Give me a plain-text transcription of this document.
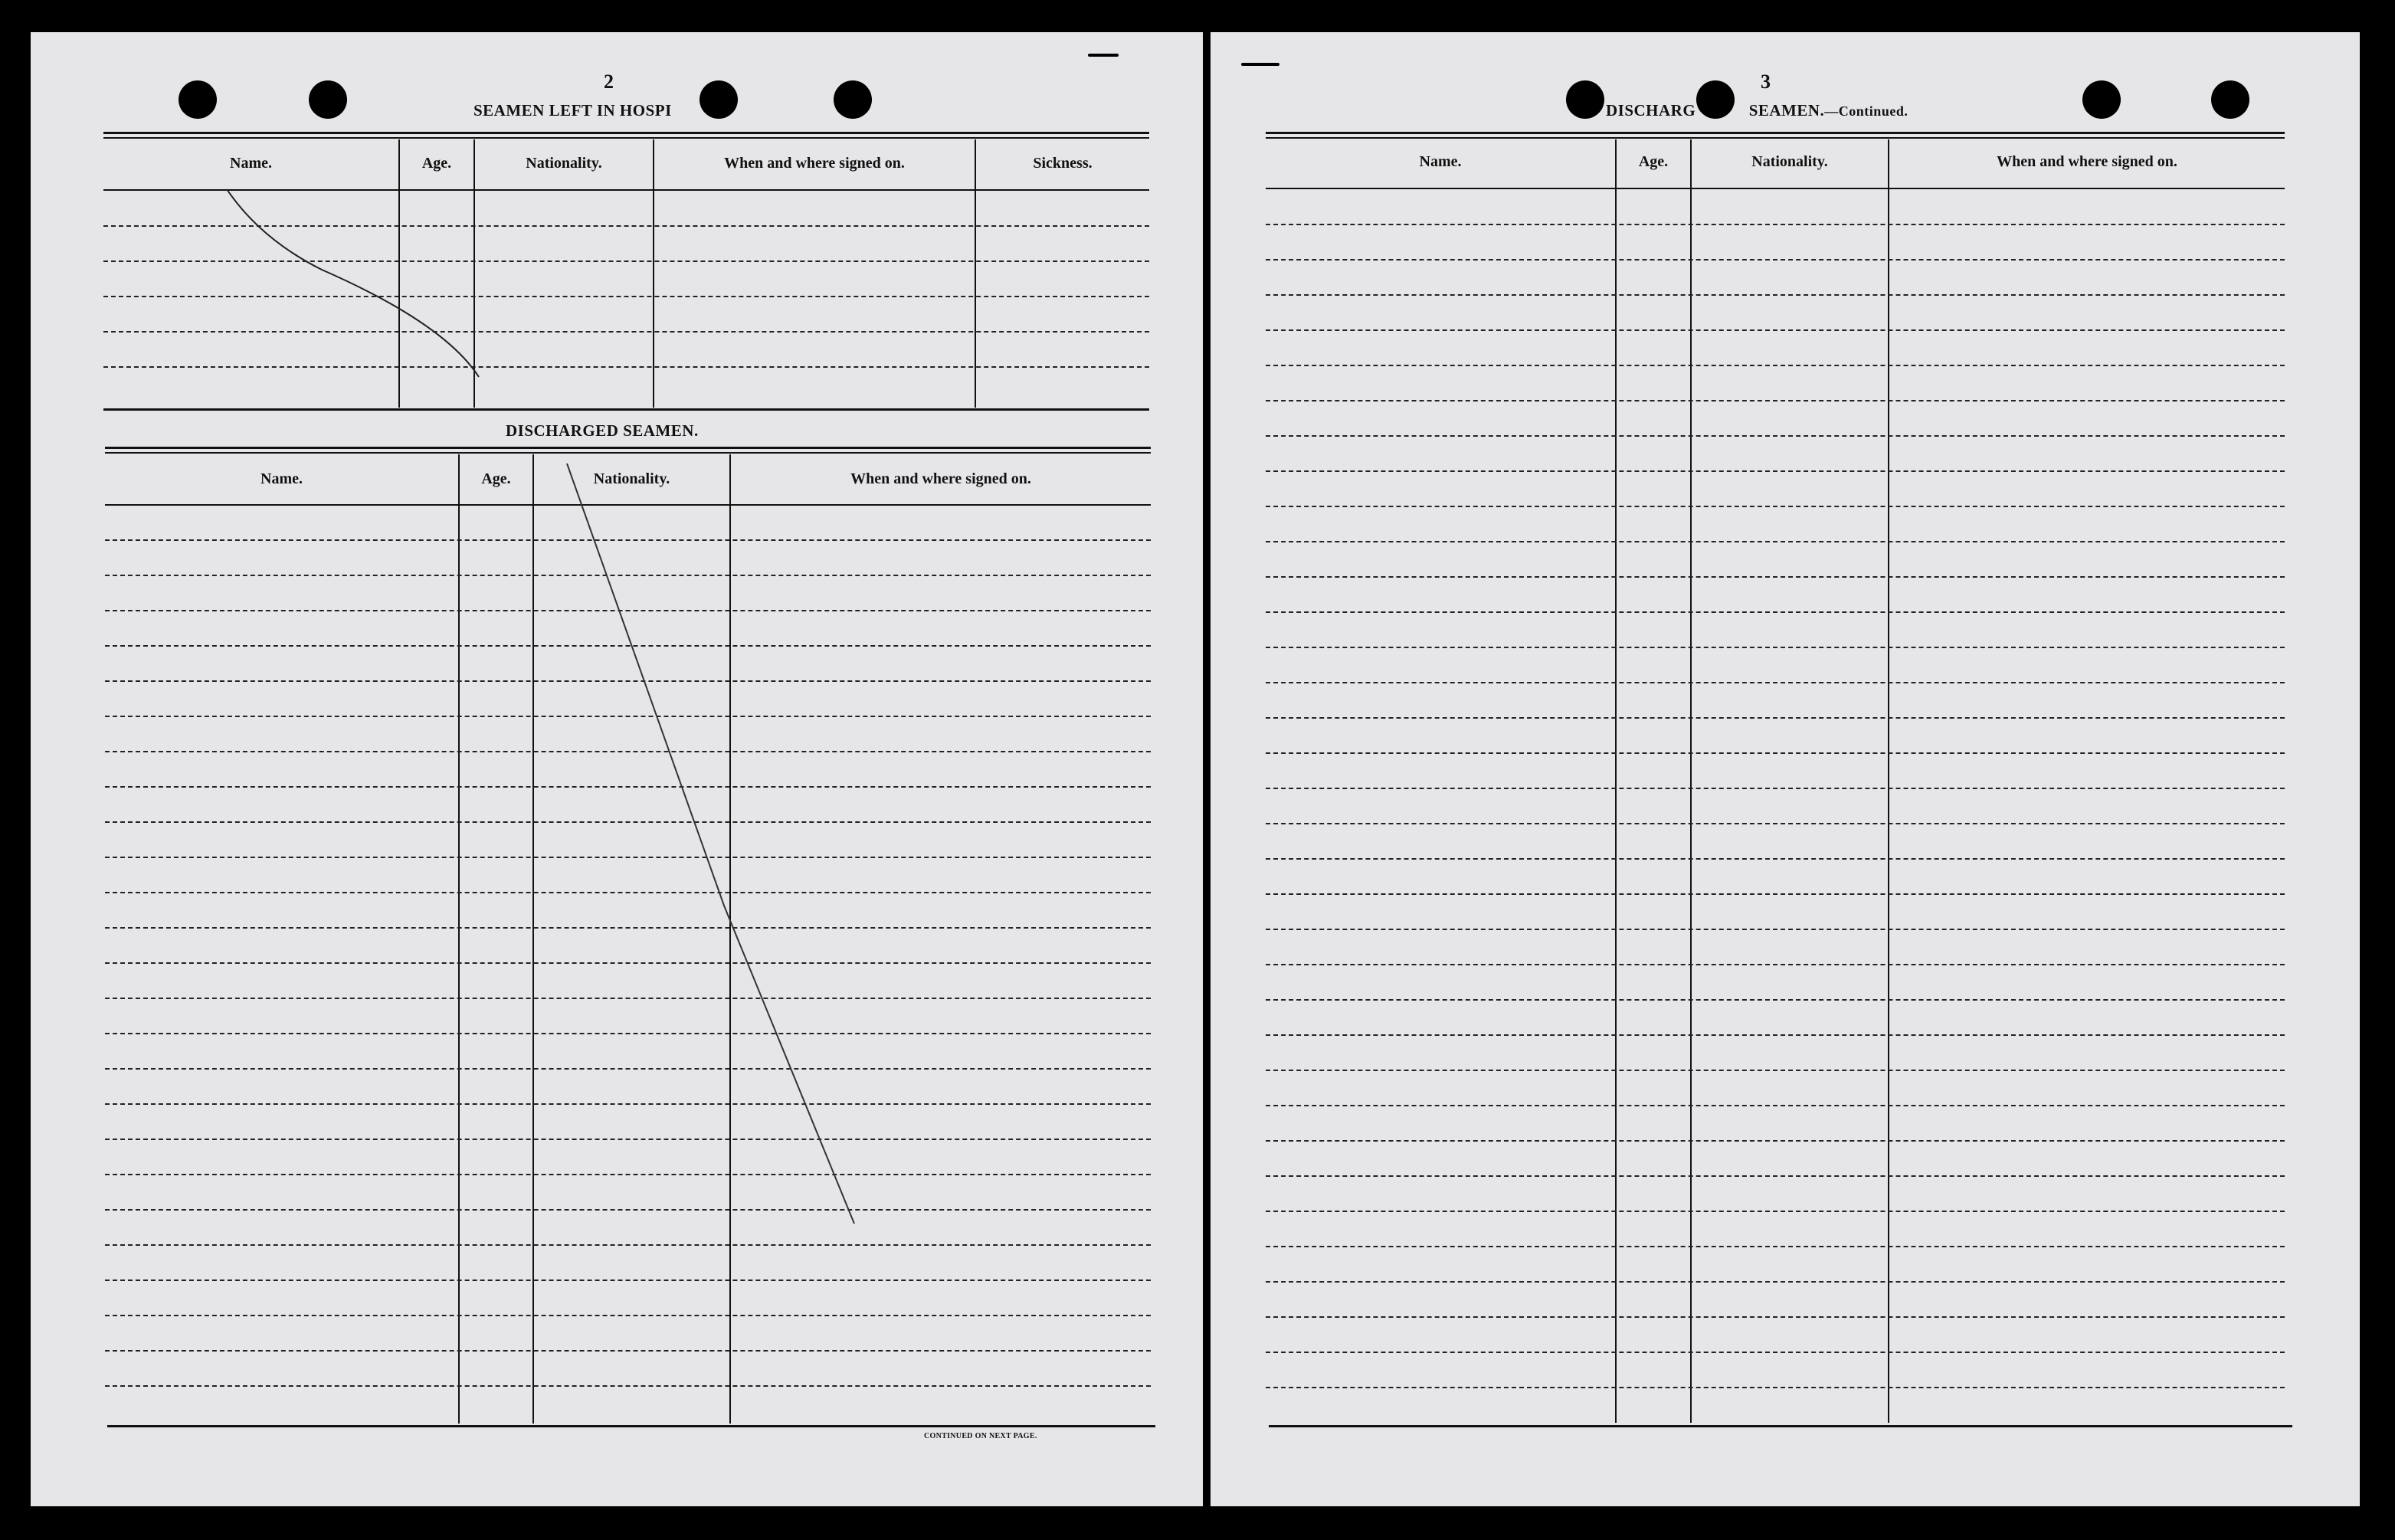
2
SEAMEN LEFT IN HOSPI
Name.	Age.	Nationality.	When and where signed on.	Sickness.
DISCHARGED SEAMEN.
Name.	Age.	Nationality.	When and where signed on.
CONTINUED ON NEXT PAGE.
3
DISCHARG	SEAMEN.—Continued.
Name.	Age.	Nationality.	When and where signed on.
